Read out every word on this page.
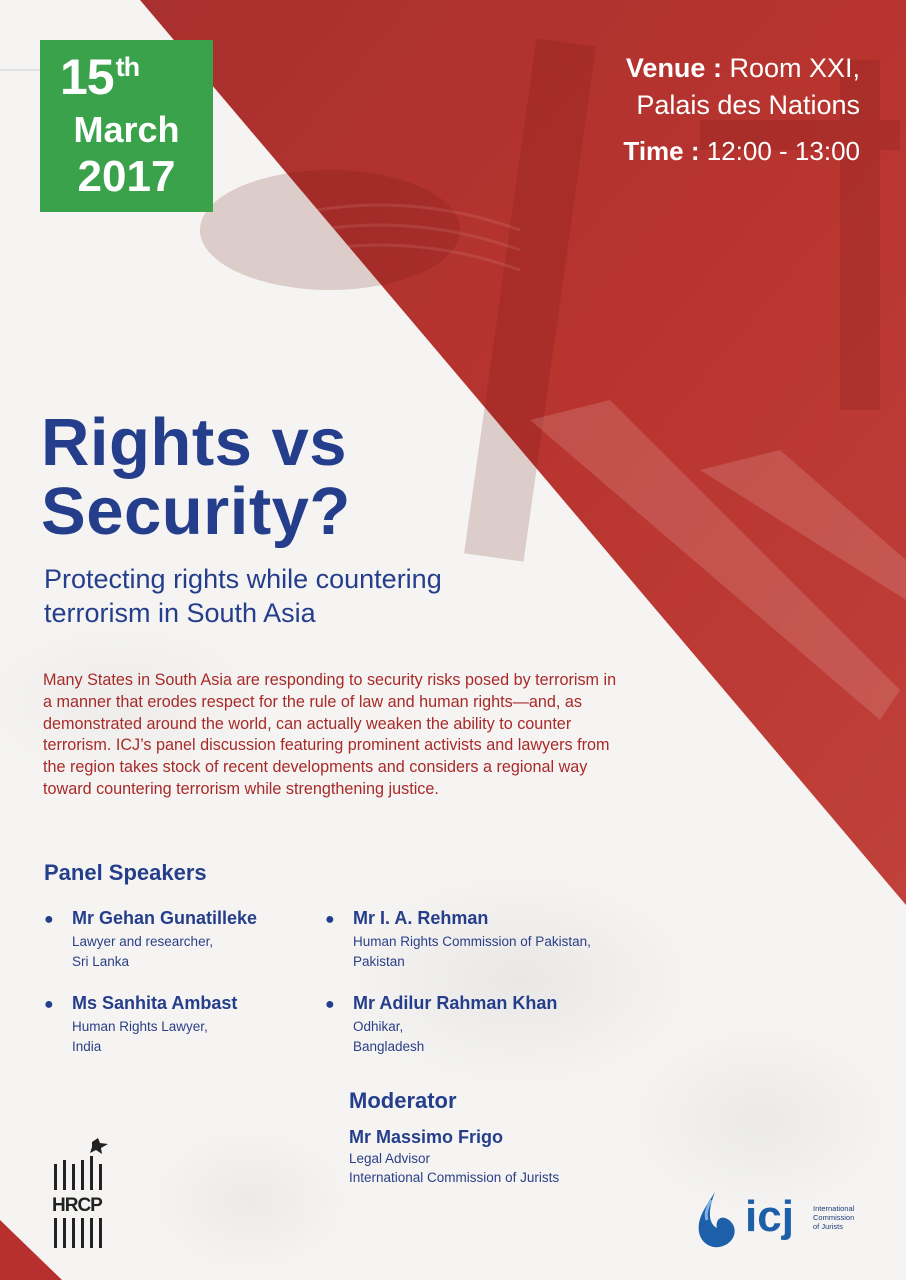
15th
March
2017
Venue : Room XXI,
Palais des Nations
Time : 12:00 - 13:00
Rights vs
Security?
Protecting rights while countering
terrorism in South Asia
Many States in South Asia are responding to security risks posed by terrorism in a manner that erodes respect for the rule of law and human rights—and, as demonstrated around the world, can actually weaken the ability to counter terrorism. ICJ’s panel discussion featuring prominent activists and lawyers from the region takes stock of recent developments and considers a regional way toward countering terrorism while strengthening justice.
Panel Speakers
● Mr Gehan Gunatilleke
Lawyer and researcher,
Sri Lanka
● Mr I. A. Rehman
Human Rights Commission of Pakistan,
Pakistan
● Ms Sanhita Ambast
Human Rights Lawyer,
India
● Mr Adilur Rahman Khan
Odhikar,
Bangladesh
Moderator
Mr Massimo Frigo
Legal Advisor
International Commission of Jurists
HRCP	icj	International
Commission
of Jurists
